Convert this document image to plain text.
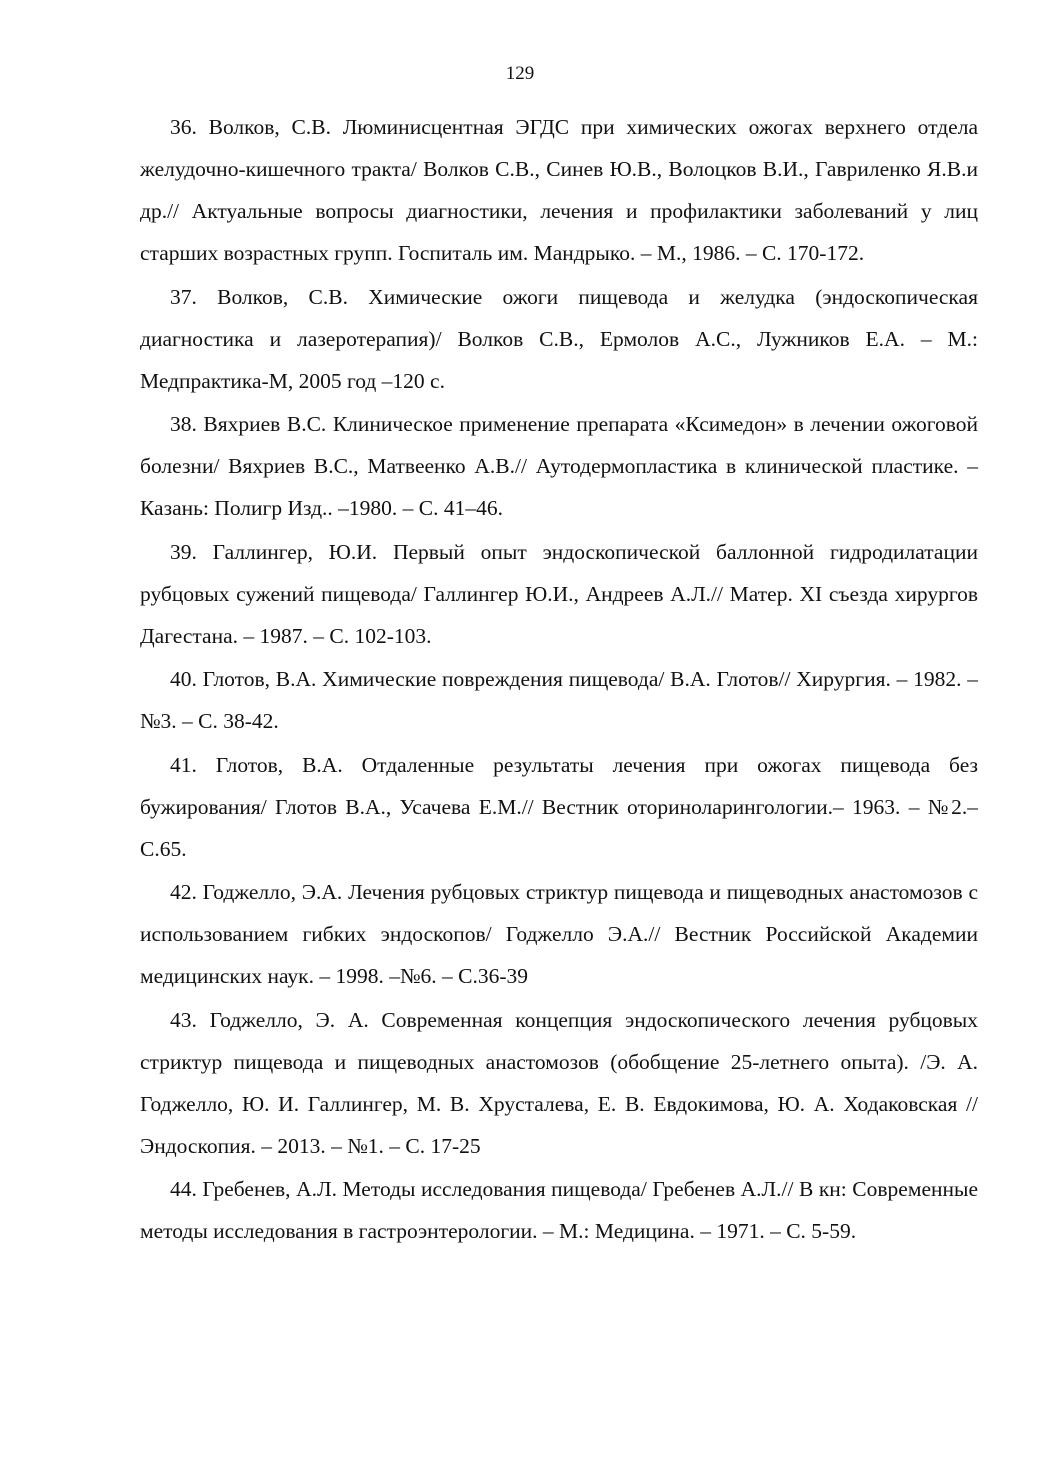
129

36. Волков, С.В. Люминисцентная ЭГДС при химических ожогах верхнего отдела желудочно-кишечного тракта/ Волков С.В., Синев Ю.В., Волоцков В.И., Гавриленко Я.В.и др.// Актуальные вопросы диагностики, лечения и профилактики заболеваний у лиц старших возрастных групп. Госпиталь им. Мандрыко. – М., 1986. – С. 170-172.

37. Волков, С.В. Химические ожоги пищевода и желудка (эндоскопическая диагностика и лазеротерапия)/ Волков С.В., Ермолов А.С., Лужников Е.А. – М.: Медпрактика-М, 2005 год –120 с.

38. Вяхриев В.С. Клиническое применение препарата «Ксимедон» в лечении ожоговой болезни/ Вяхриев В.С., Матвеенко А.В.// Аутодермопластика в клинической пластике. – Казань: Полигр Изд.. –1980. – С. 41–46.

39. Галлингер, Ю.И. Первый опыт эндоскопической баллонной гидродилатации рубцовых сужений пищевода/ Галлингер Ю.И., Андреев А.Л.// Матер. XI съезда хирургов Дагестана. – 1987. – С. 102-103.

40. Глотов, В.А. Химические повреждения пищевода/ В.А. Глотов// Хирургия. – 1982. – №3. – С. 38-42.

41. Глотов, В.А. Отдаленные результаты лечения при ожогах пищевода без бужирования/ Глотов В.А., Усачева Е.М.// Вестник оториноларингологии.– 1963. – №2.– С.65.

42. Годжелло, Э.А. Лечения рубцовых стриктур пищевода и пищеводных анастомозов с использованием гибких эндоскопов/ Годжелло Э.А.// Вестник Российской Академии медицинских наук. – 1998. –№6. – С.36-39

43. Годжелло, Э. А. Современная концепция эндоскопического лечения рубцовых стриктур пищевода и пищеводных анастомозов (обобщение 25-летнего опыта). /Э. А. Годжелло, Ю. И. Галлингер, М. В. Хрусталева, Е. В. Евдокимова, Ю. А. Ходаковская //Эндоскопия. – 2013. – №1. – С. 17-25

44. Гребенев, А.Л. Методы исследования пищевода/ Гребенев А.Л.// В кн: Современные методы исследования в гастроэнтерологии. – М.: Медицина. – 1971. – С. 5-59.
